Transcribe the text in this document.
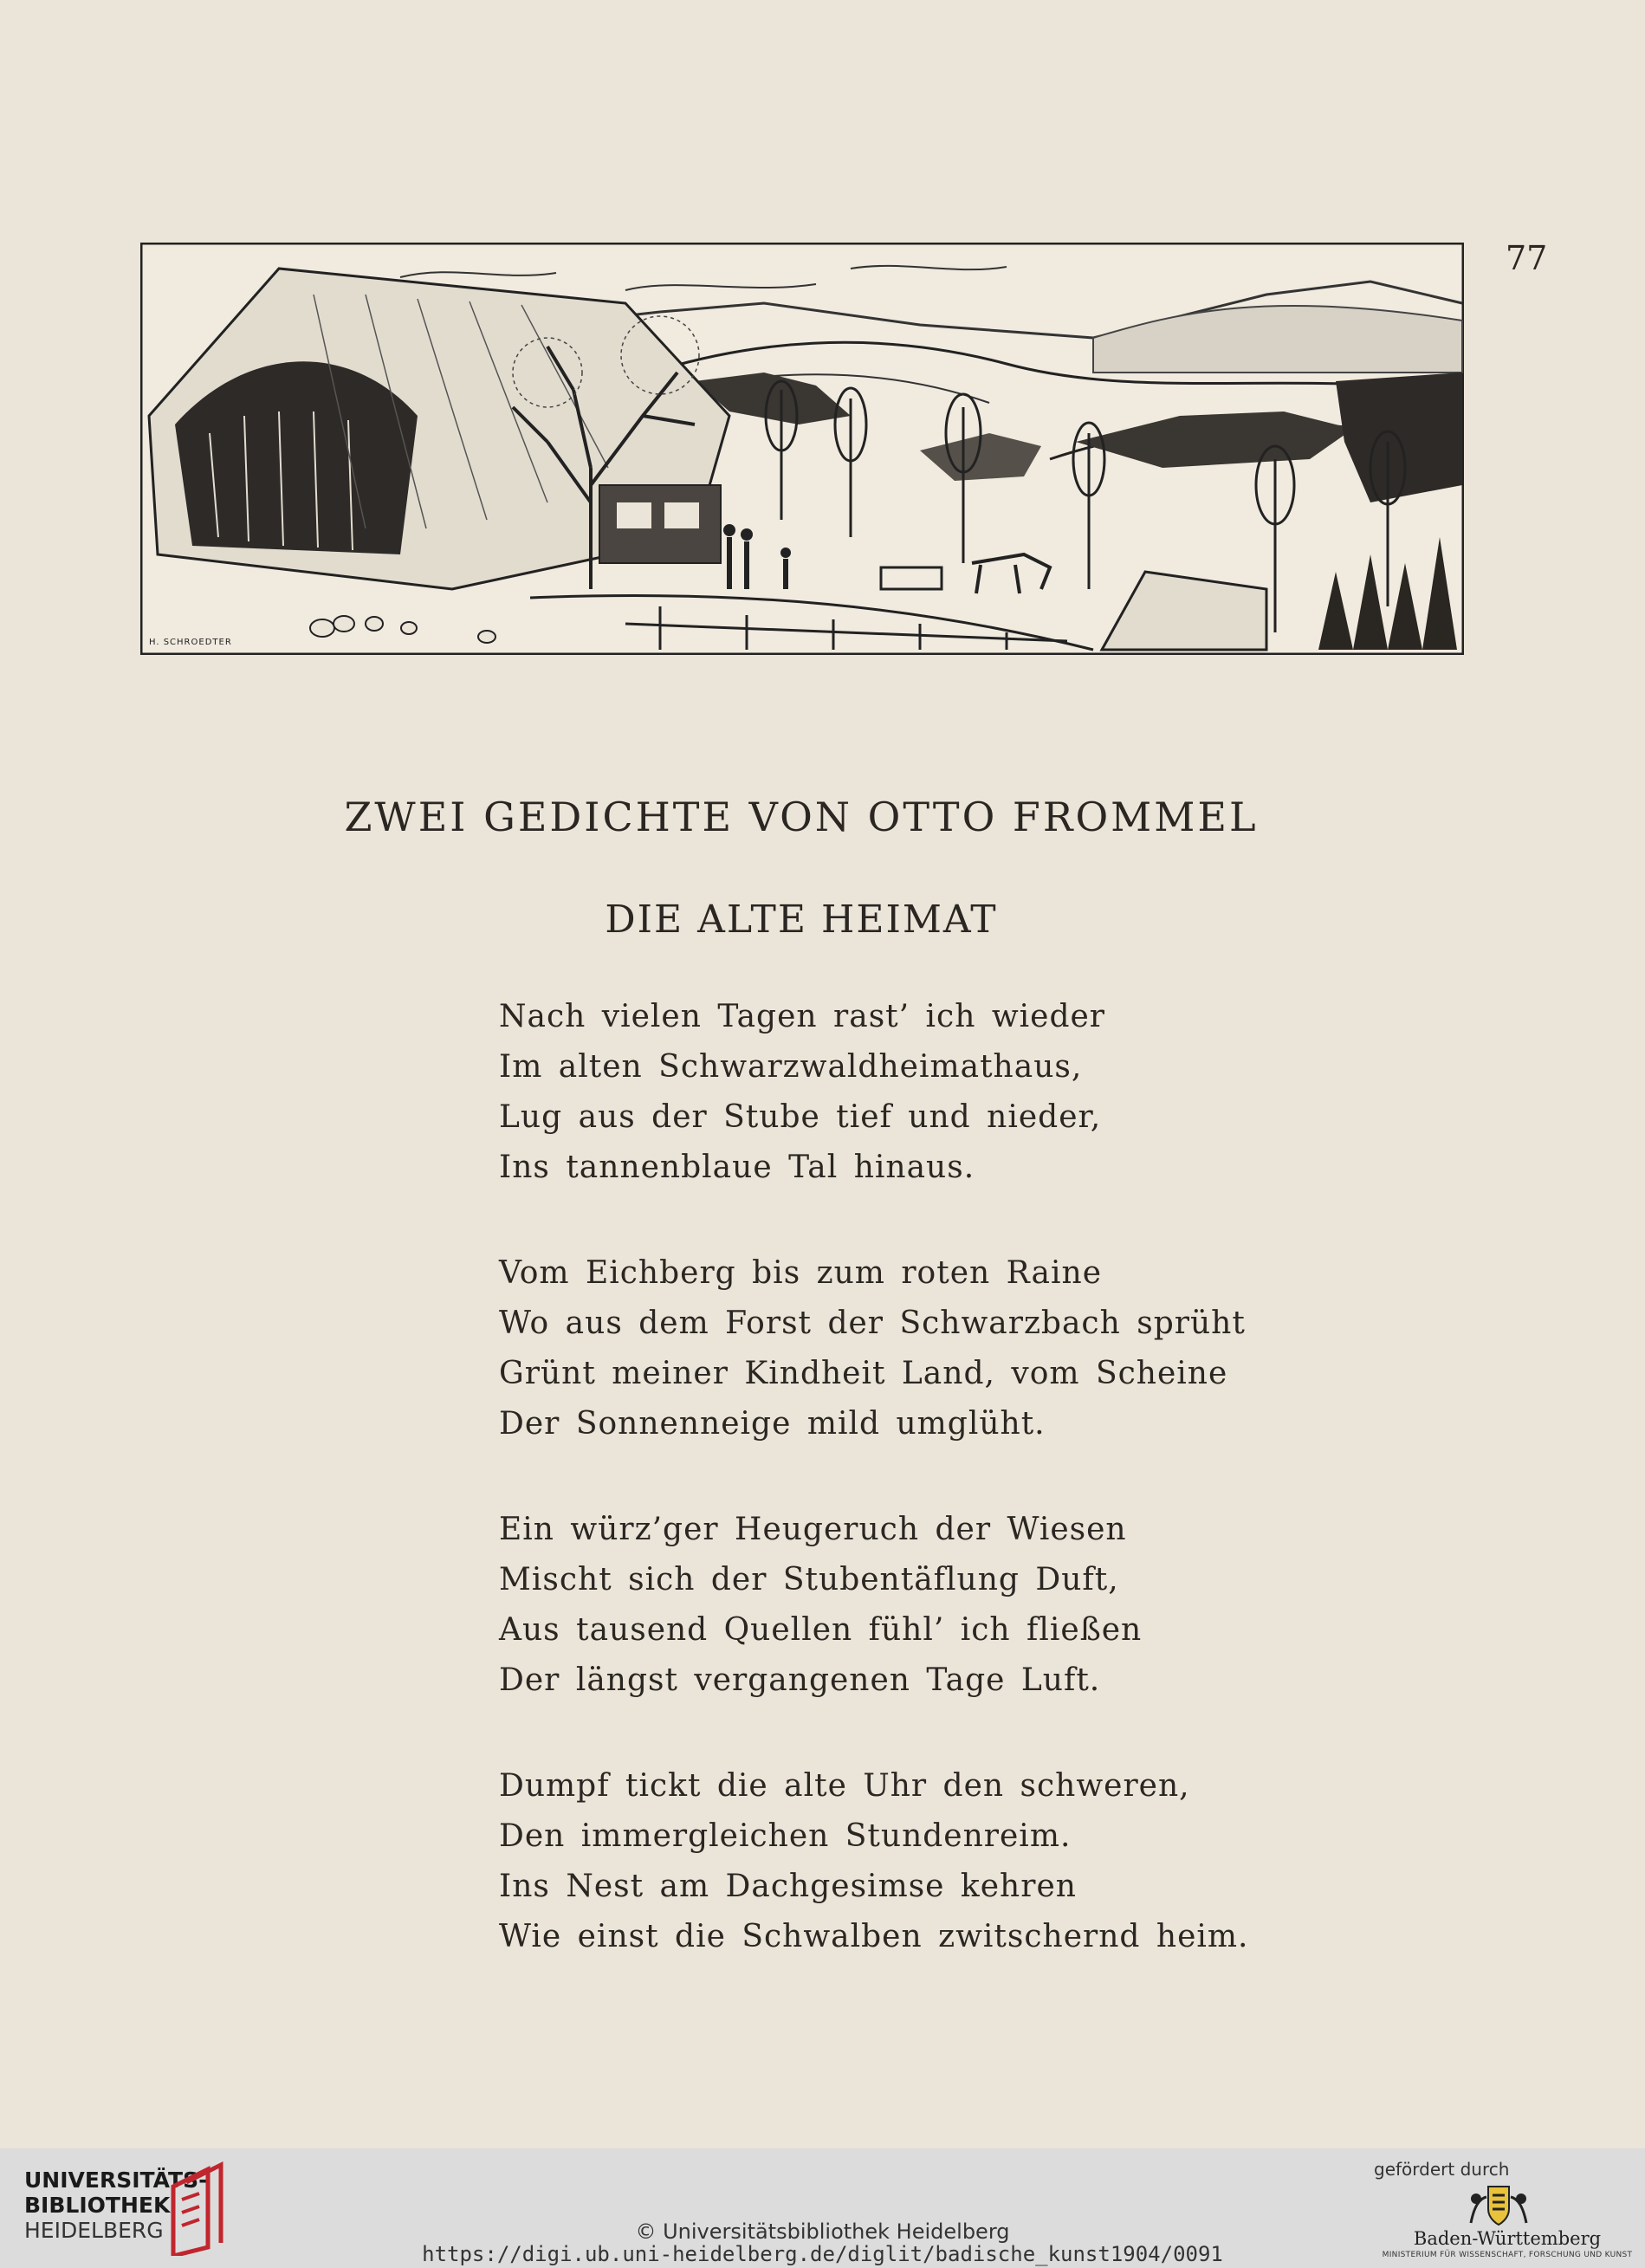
77
H. SCHROEDTER
ZWEI GEDICHTE VON OTTO FROMMEL
DIE ALTE HEIMAT
Nach vielen Tagen rast’ ich wieder
Im alten Schwarzwaldheimathaus,
Lug aus der Stube tief und nieder,
Ins tannenblaue Tal hinaus.
Vom Eichberg bis zum roten Raine
Wo aus dem Forst der Schwarzbach sprüht
Grünt meiner Kindheit Land, vom Scheine
Der Sonnenneige mild umglüht.
Ein würz’ger Heugeruch der Wiesen
Mischt sich der Stubentäflung Duft,
Aus tausend Quellen fühl’ ich fließen
Der längst vergangenen Tage Luft.
Dumpf tickt die alte Uhr den schweren,
Den immergleichen Stundenreim.
Ins Nest am Dachgesimse kehren
Wie einst die Schwalben zwitschernd heim.
UNIVERSITÄTS-
BIBLIOTHEK
HEIDELBERG	© Universitätsbibliothek Heidelberg
https://digi.ub.uni-heidelberg.de/diglit/badische_kunst1904/0091
gefördert durch
Baden-Württemberg
MINISTERIUM FÜR WISSENSCHAFT, FORSCHUNG UND KUNST
